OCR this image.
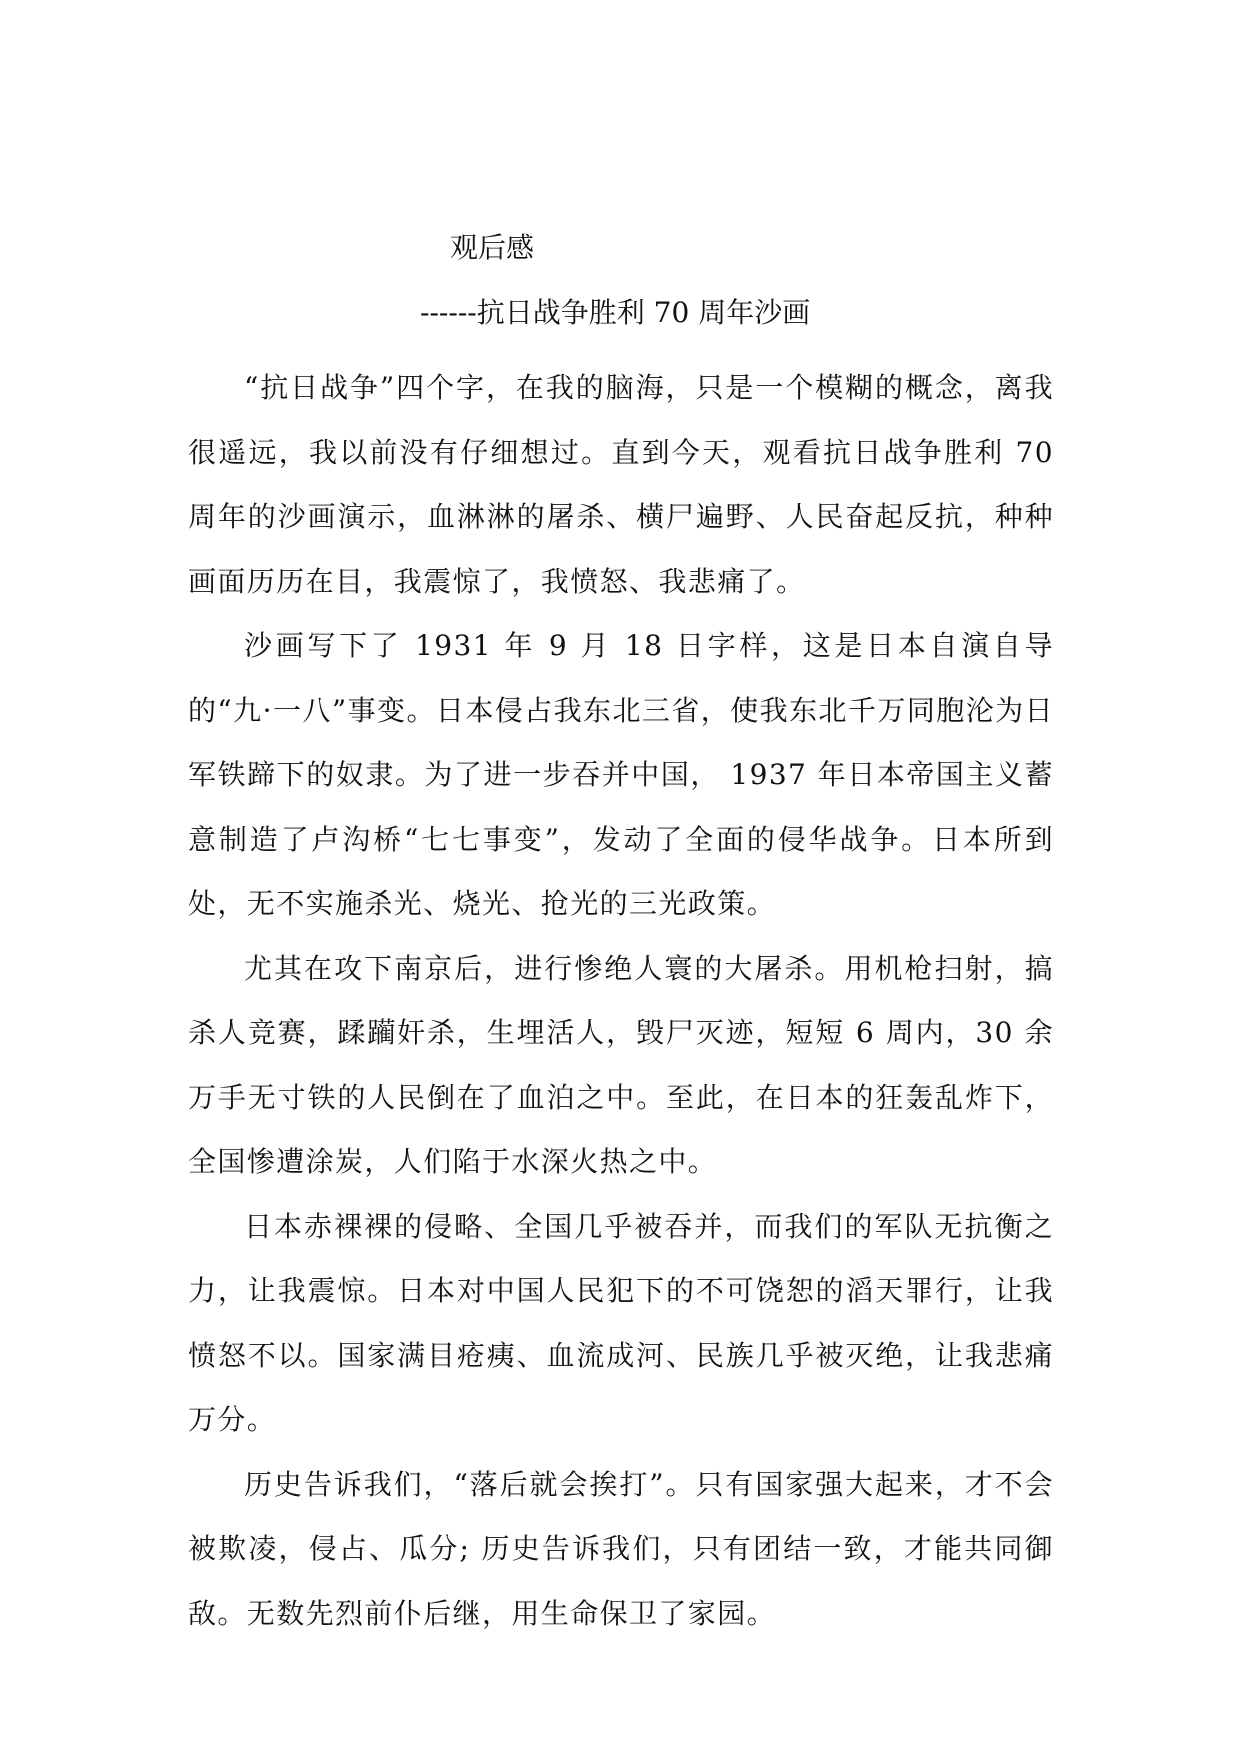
观后感
------抗日战争胜利 70 周年沙画

“抗日战争”四个字，在我的脑海，只是一个模糊的概念，离我很遥远，我以前没有仔细想过。直到今天，观看抗日战争胜利 70 周年的沙画演示，血淋淋的屠杀、横尸遍野、人民奋起反抗，种种画面历历在目，我震惊了，我愤怒、我悲痛了。

沙画写下了 1931 年 9 月 18 日字样，这是日本自演自导的“九·一八”事变。日本侵占我东北三省，使我东北千万同胞沦为日军铁蹄下的奴隶。为了进一步吞并中国， 1937 年日本帝国主义蓄意制造了卢沟桥“七七事变”，发动了全面的侵华战争。日本所到处，无不实施杀光、烧光、抢光的三光政策。

尤其在攻下南京后，进行惨绝人寰的大屠杀。用机枪扫射，搞杀人竞赛，蹂躏奸杀，生埋活人，毁尸灭迹，短短 6 周内，30 余万手无寸铁的人民倒在了血泊之中。至此，在日本的狂轰乱炸下，全国惨遭涂炭，人们陷于水深火热之中。

日本赤裸裸的侵略、全国几乎被吞并，而我们的军队无抗衡之力，让我震惊。日本对中国人民犯下的不可饶恕的滔天罪行，让我愤怒不以。国家满目疮痍、血流成河、民族几乎被灭绝，让我悲痛万分。

历史告诉我们，“落后就会挨打”。只有国家强大起来，才不会被欺凌，侵占、瓜分; 历史告诉我们，只有团结一致，才能共同御敌。无数先烈前仆后继，用生命保卫了家园。
